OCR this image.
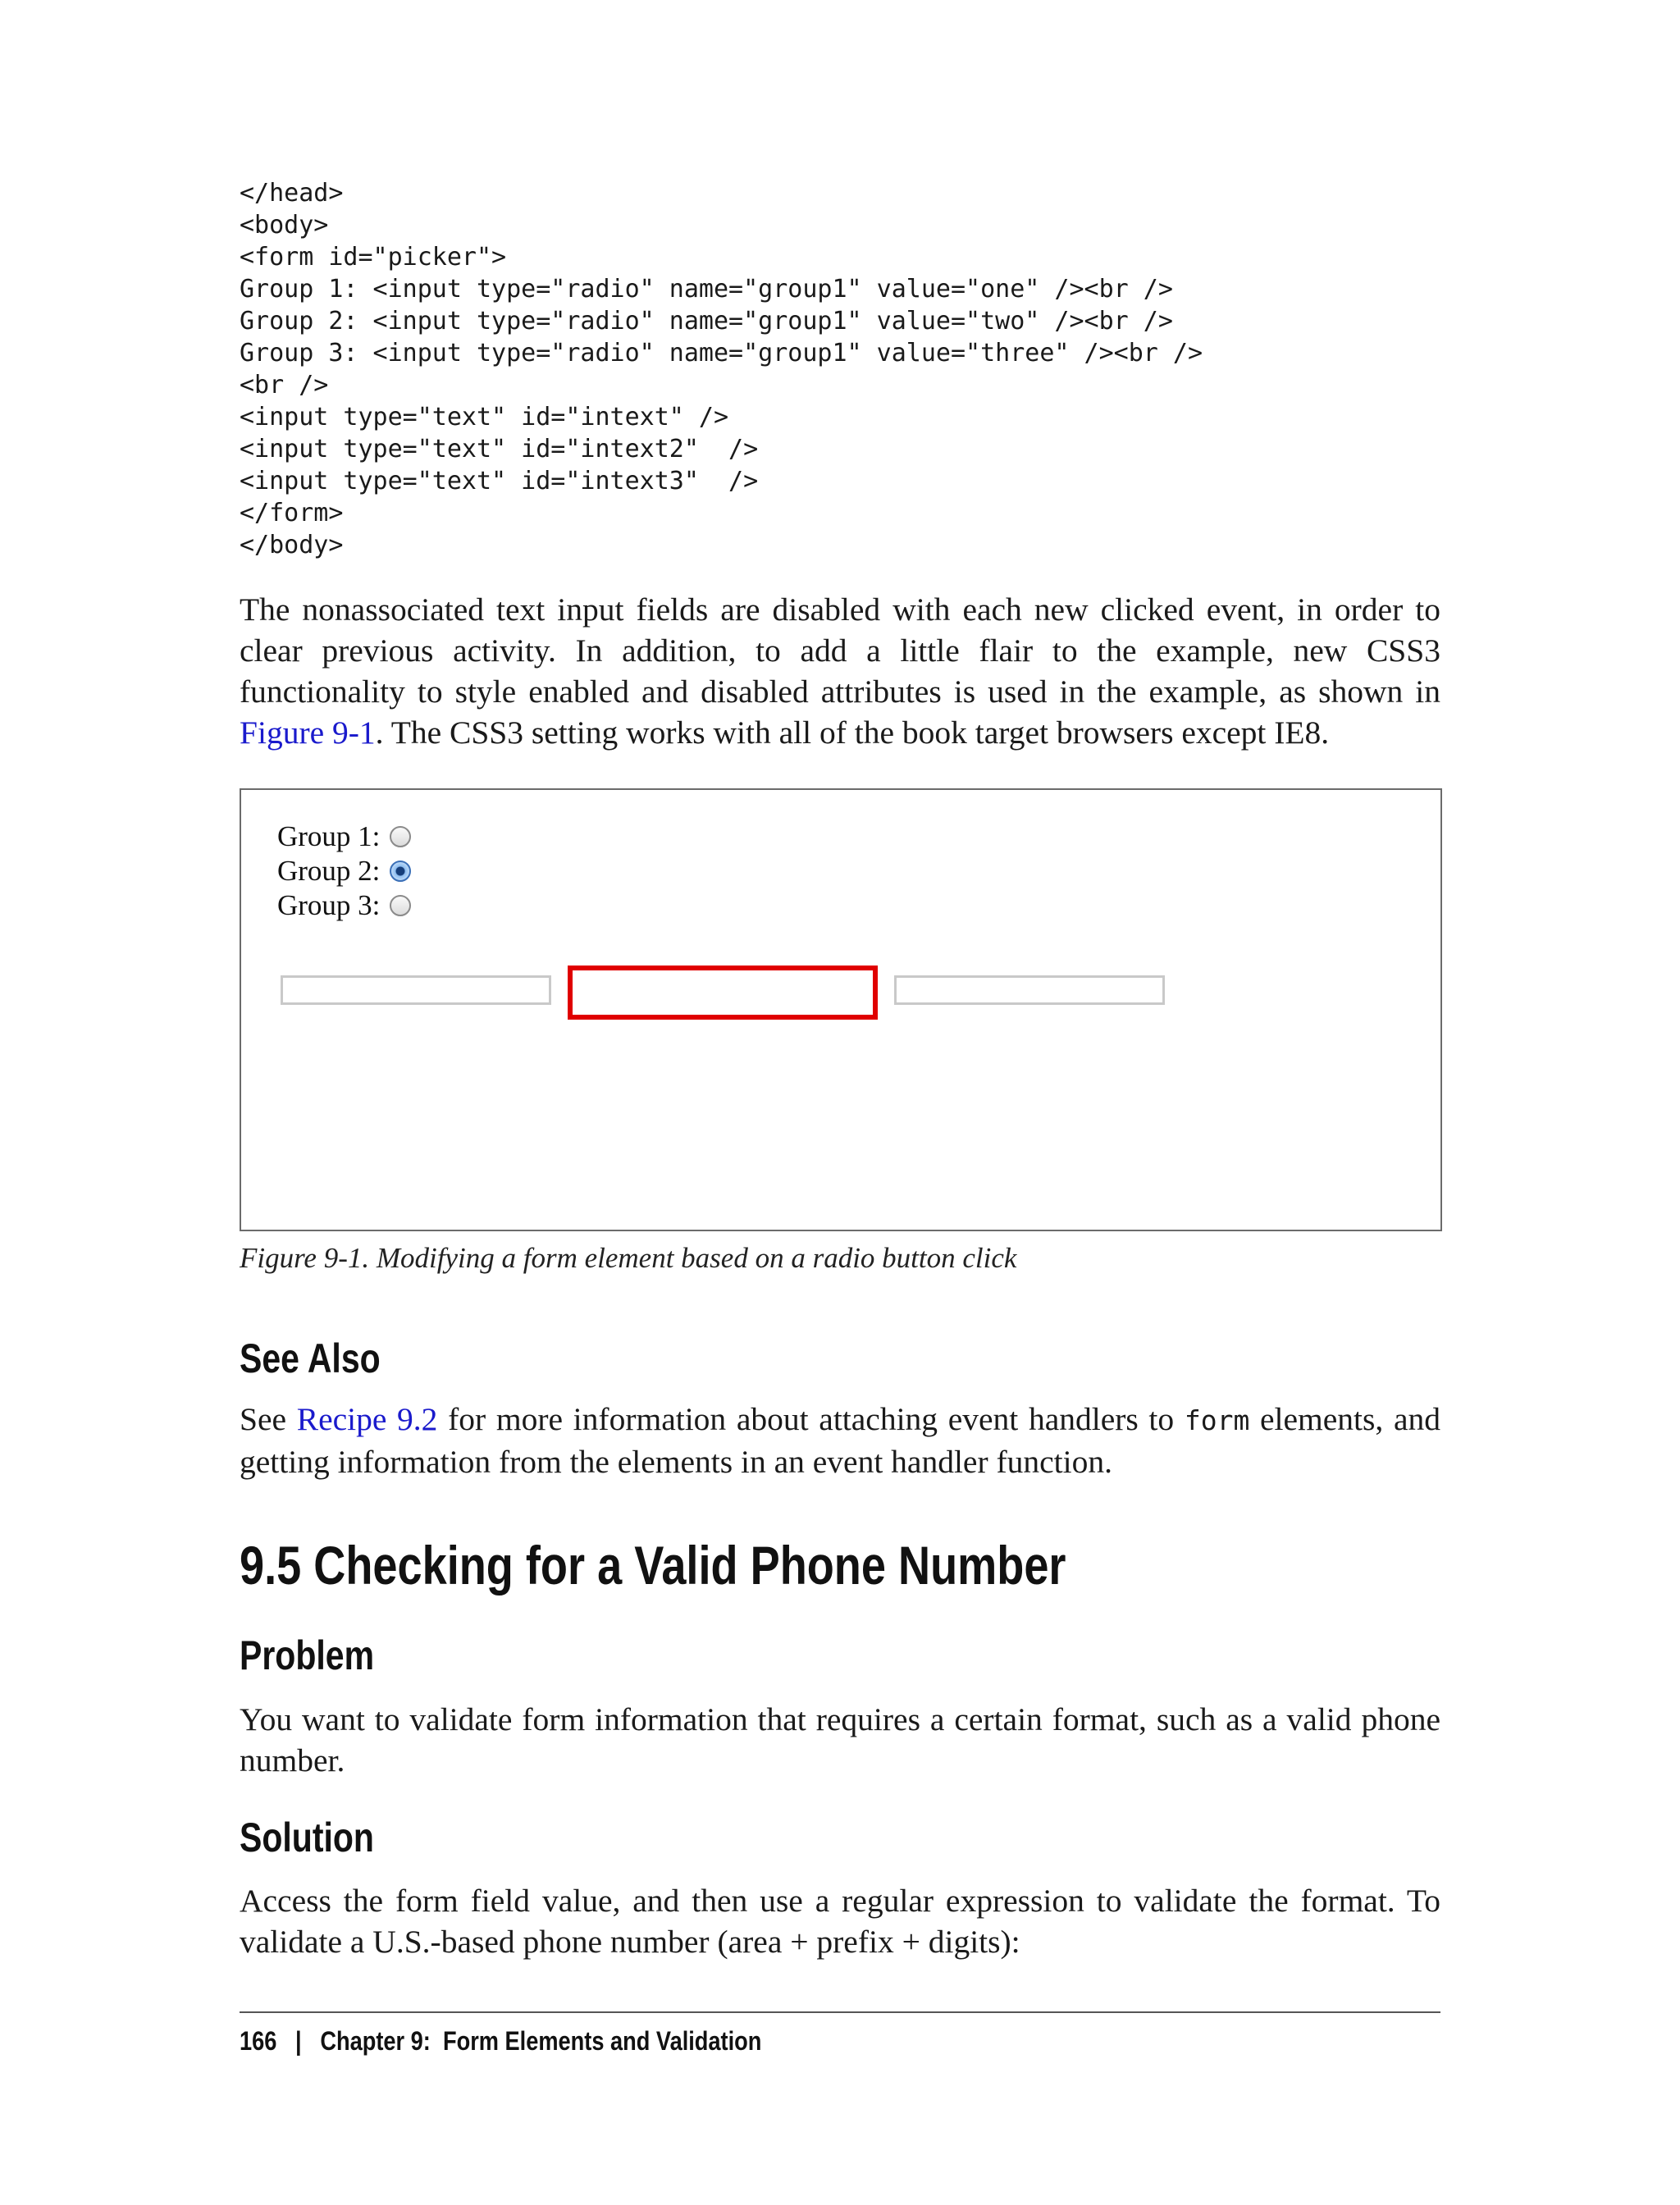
</head>
<body>
<form id="picker">
Group 1: <input type="radio" name="group1" value="one" /><br />
Group 2: <input type="radio" name="group1" value="two" /><br />
Group 3: <input type="radio" name="group1" value="three" /><br />
<br />
<input type="text" id="intext" />
<input type="text" id="intext2"  />
<input type="text" id="intext3"  />
</form>
</body>

The nonassociated text input fields are disabled with each new clicked event, in order to clear previous activity. In addition, to add a little flair to the example, new CSS3 functionality to style enabled and disabled attributes is used in the example, as shown in Figure 9-1. The CSS3 setting works with all of the book target browsers except IE8.

Group 1:
Group 2:
Group 3:

Figure 9-1. Modifying a form element based on a radio button click

See Also

See Recipe 9.2 for more information about attaching event handlers to form elements, and getting information from the elements in an event handler function.

9.5 Checking for a Valid Phone Number
Problem

You want to validate form information that requires a certain format, such as a valid phone number.

Solution

Access the form field value, and then use a regular expression to validate the format. To validate a U.S.-based phone number (area + prefix + digits):

166 | Chapter 9:  Form Elements and Validation
